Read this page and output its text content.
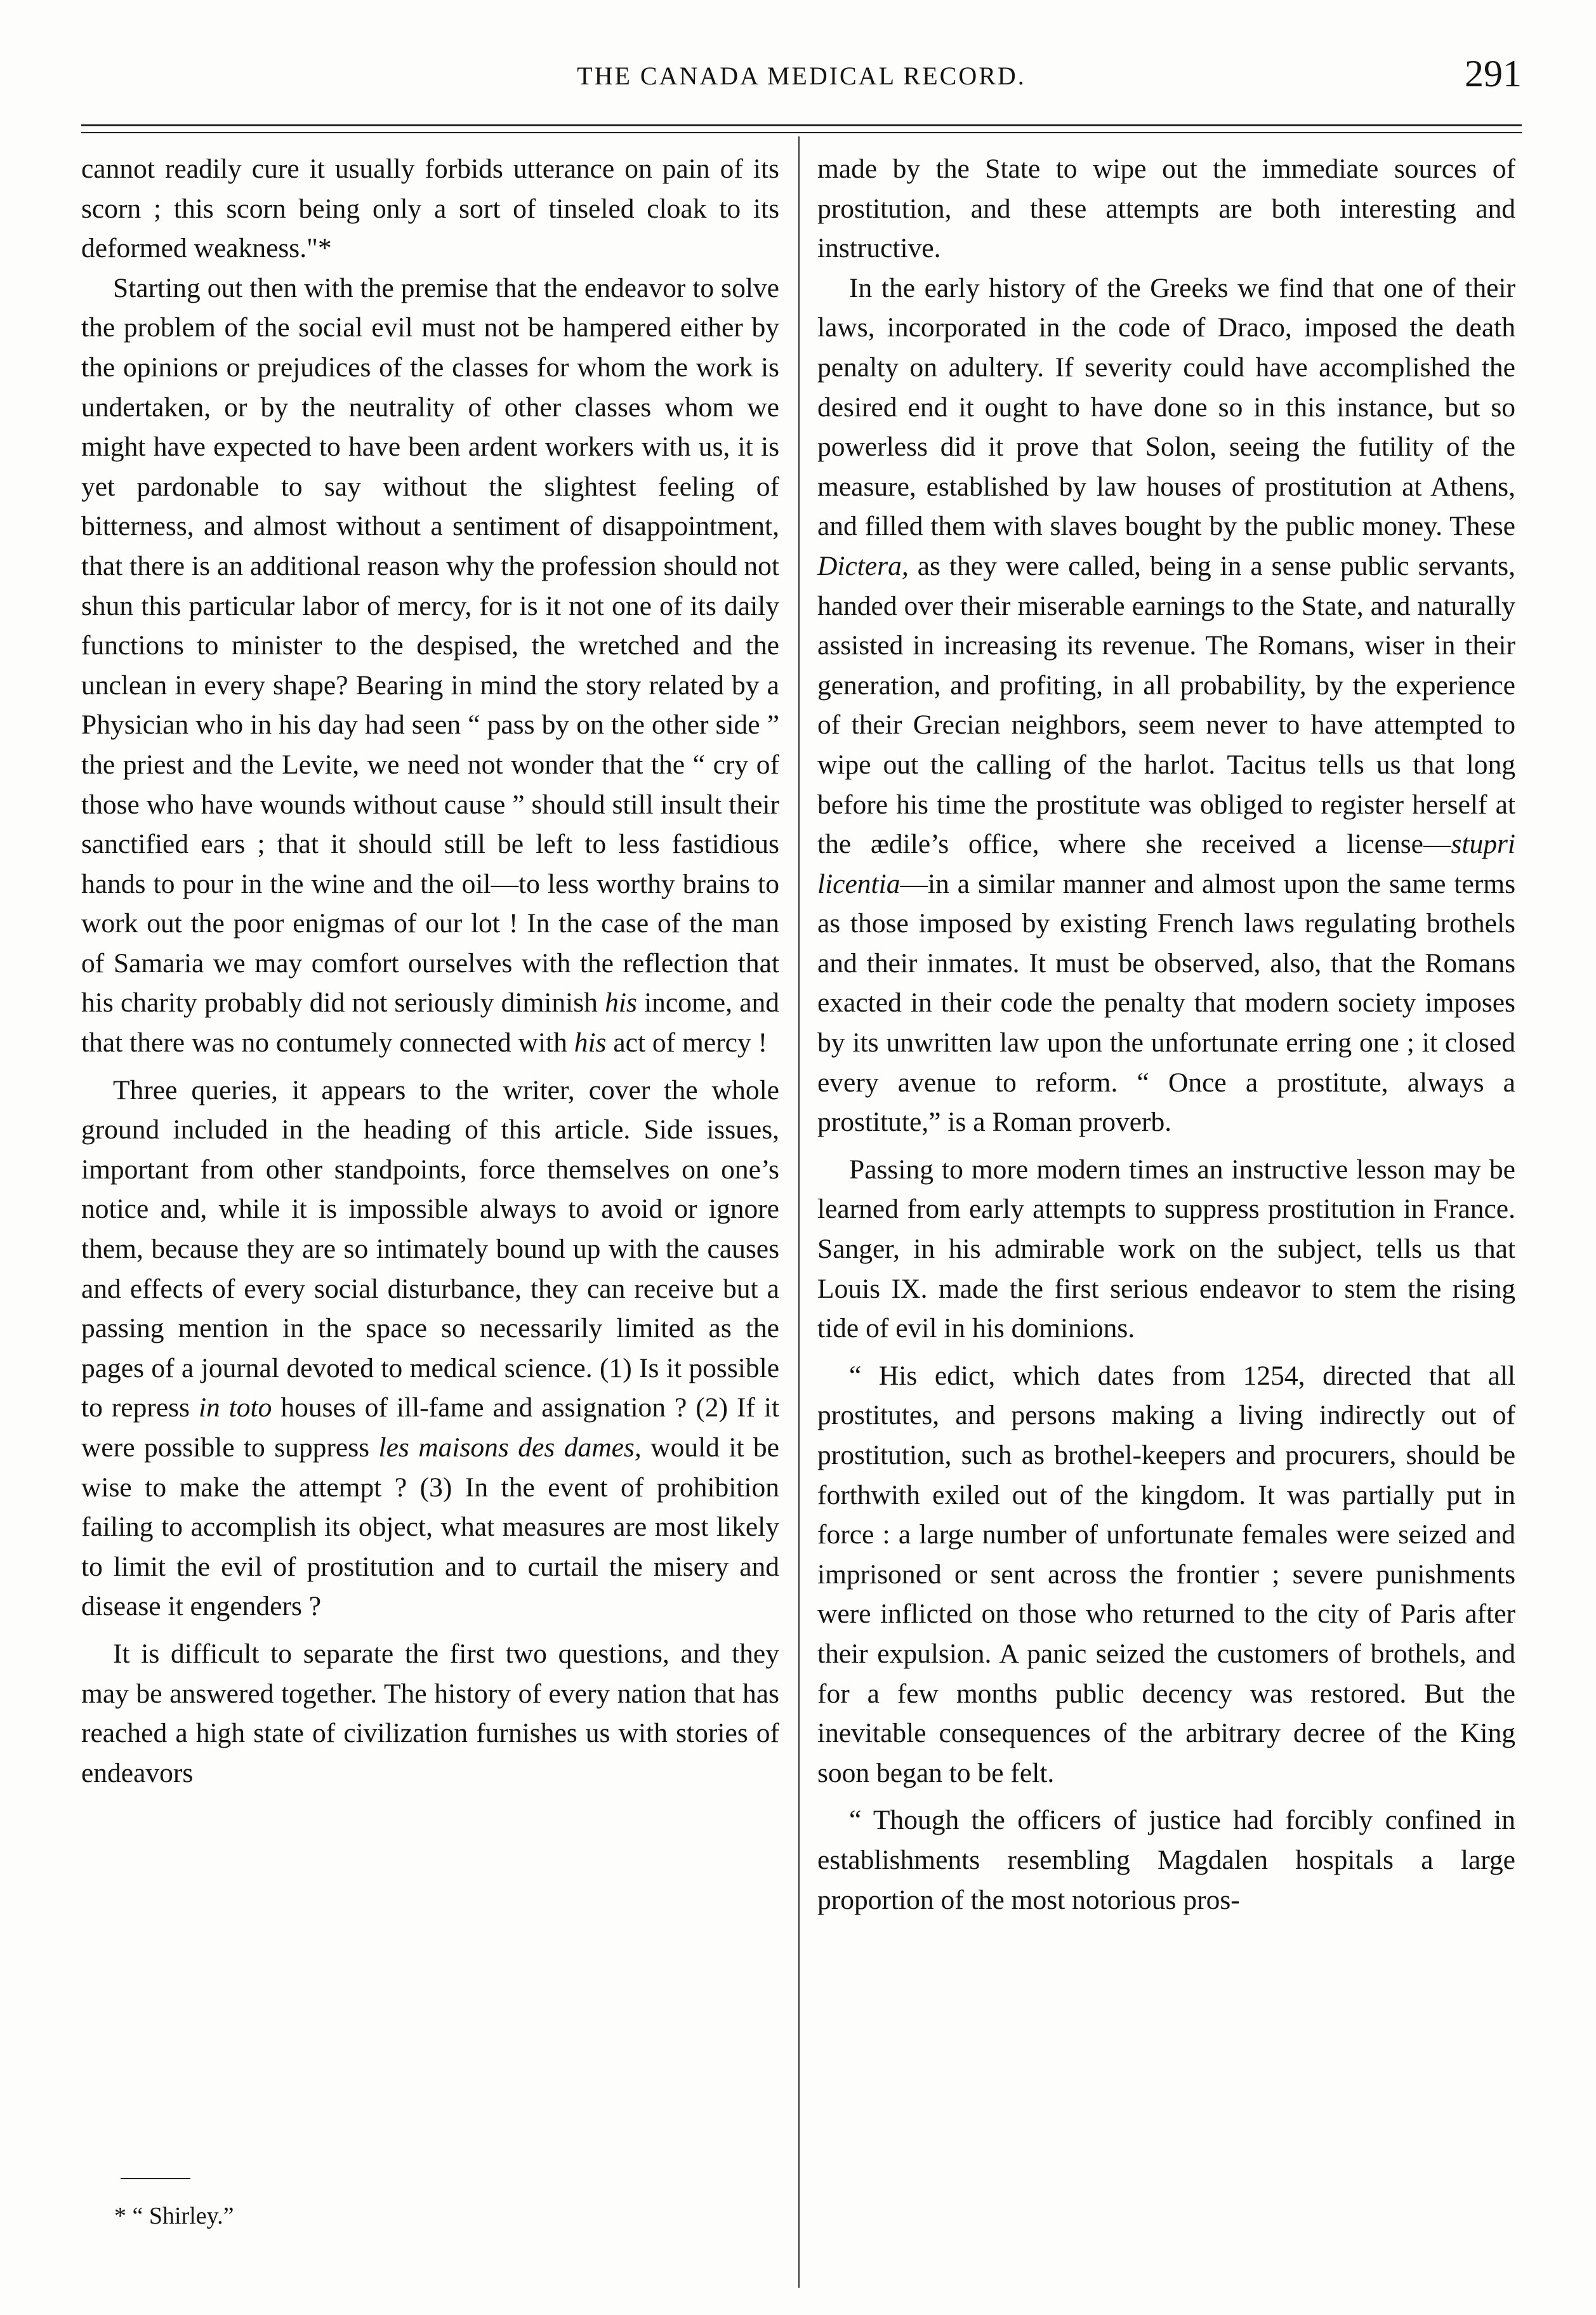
THE CANADA MEDICAL RECORD.	291

cannot readily cure it usually forbids utterance on pain of its scorn ; this scorn being only a sort of tinseled cloak to its deformed weakness."*

Starting out then with the premise that the endeavor to solve the problem of the social evil must not be hampered either by the opinions or prejudices of the classes for whom the work is undertaken, or by the neutrality of other classes whom we might have expected to have been ardent workers with us, it is yet pardonable to say without the slightest feeling of bitterness, and almost without a sentiment of disappointment, that there is an additional reason why the profession should not shun this particular labor of mercy, for is it not one of its daily functions to minister to the despised, the wretched and the unclean in every shape? Bearing in mind the story related by a Physician who in his day had seen “ pass by on the other side ” the priest and the Levite, we need not wonder that the “ cry of those who have wounds without cause ” should still insult their sanctified ears ; that it should still be left to less fastidious hands to pour in the wine and the oil—to less worthy brains to work out the poor enigmas of our lot ! In the case of the man of Samaria we may comfort ourselves with the reflection that his charity probably did not seriously diminish his income, and that there was no contumely connected with his act of mercy !

Three queries, it appears to the writer, cover the whole ground included in the heading of this article. Side issues, important from other standpoints, force themselves on one’s notice and, while it is impossible always to avoid or ignore them, because they are so intimately bound up with the causes and effects of every social disturbance, they can receive but a passing mention in the space so necessarily limited as the pages of a journal devoted to medical science. (1) Is it possible to repress in toto houses of ill-fame and assignation ? (2) If it were possible to suppress les maisons des dames, would it be wise to make the attempt ? (3) In the event of prohibition failing to accomplish its object, what measures are most likely to limit the evil of prostitution and to curtail the misery and disease it engenders ?

It is difficult to separate the first two questions, and they may be answered together. The history of every nation that has reached a high state of civilization furnishes us with stories of endeavors

* “ Shirley.”

made by the State to wipe out the immediate sources of prostitution, and these attempts are both interesting and instructive.

In the early history of the Greeks we find that one of their laws, incorporated in the code of Draco, imposed the death penalty on adultery. If severity could have accomplished the desired end it ought to have done so in this instance, but so powerless did it prove that Solon, seeing the futility of the measure, established by law houses of prostitution at Athens, and filled them with slaves bought by the public money. These Dictera, as they were called, being in a sense public servants, handed over their miserable earnings to the State, and naturally assisted in increasing its revenue. The Romans, wiser in their generation, and profiting, in all probability, by the experience of their Grecian neighbors, seem never to have attempted to wipe out the calling of the harlot. Tacitus tells us that long before his time the prostitute was obliged to register herself at the ædile’s office, where she received a license—stupri licentia—in a similar manner and almost upon the same terms as those imposed by existing French laws regulating brothels and their inmates. It must be observed, also, that the Romans exacted in their code the penalty that modern society imposes by its unwritten law upon the unfortunate erring one ; it closed every avenue to reform. “ Once a prostitute, always a prostitute,” is a Roman proverb.

Passing to more modern times an instructive lesson may be learned from early attempts to suppress prostitution in France. Sanger, in his admirable work on the subject, tells us that Louis IX. made the first serious endeavor to stem the rising tide of evil in his dominions.

“ His edict, which dates from 1254, directed that all prostitutes, and persons making a living indirectly out of prostitution, such as brothel-keepers and procurers, should be forthwith exiled out of the kingdom. It was partially put in force : a large number of unfortunate females were seized and imprisoned or sent across the frontier ; severe punishments were inflicted on those who returned to the city of Paris after their expulsion. A panic seized the customers of brothels, and for a few months public decency was restored. But the inevitable consequences of the arbitrary decree of the King soon began to be felt.

“ Though the officers of justice had forcibly confined in establishments resembling Magdalen hospitals a large proportion of the most notorious pros-
